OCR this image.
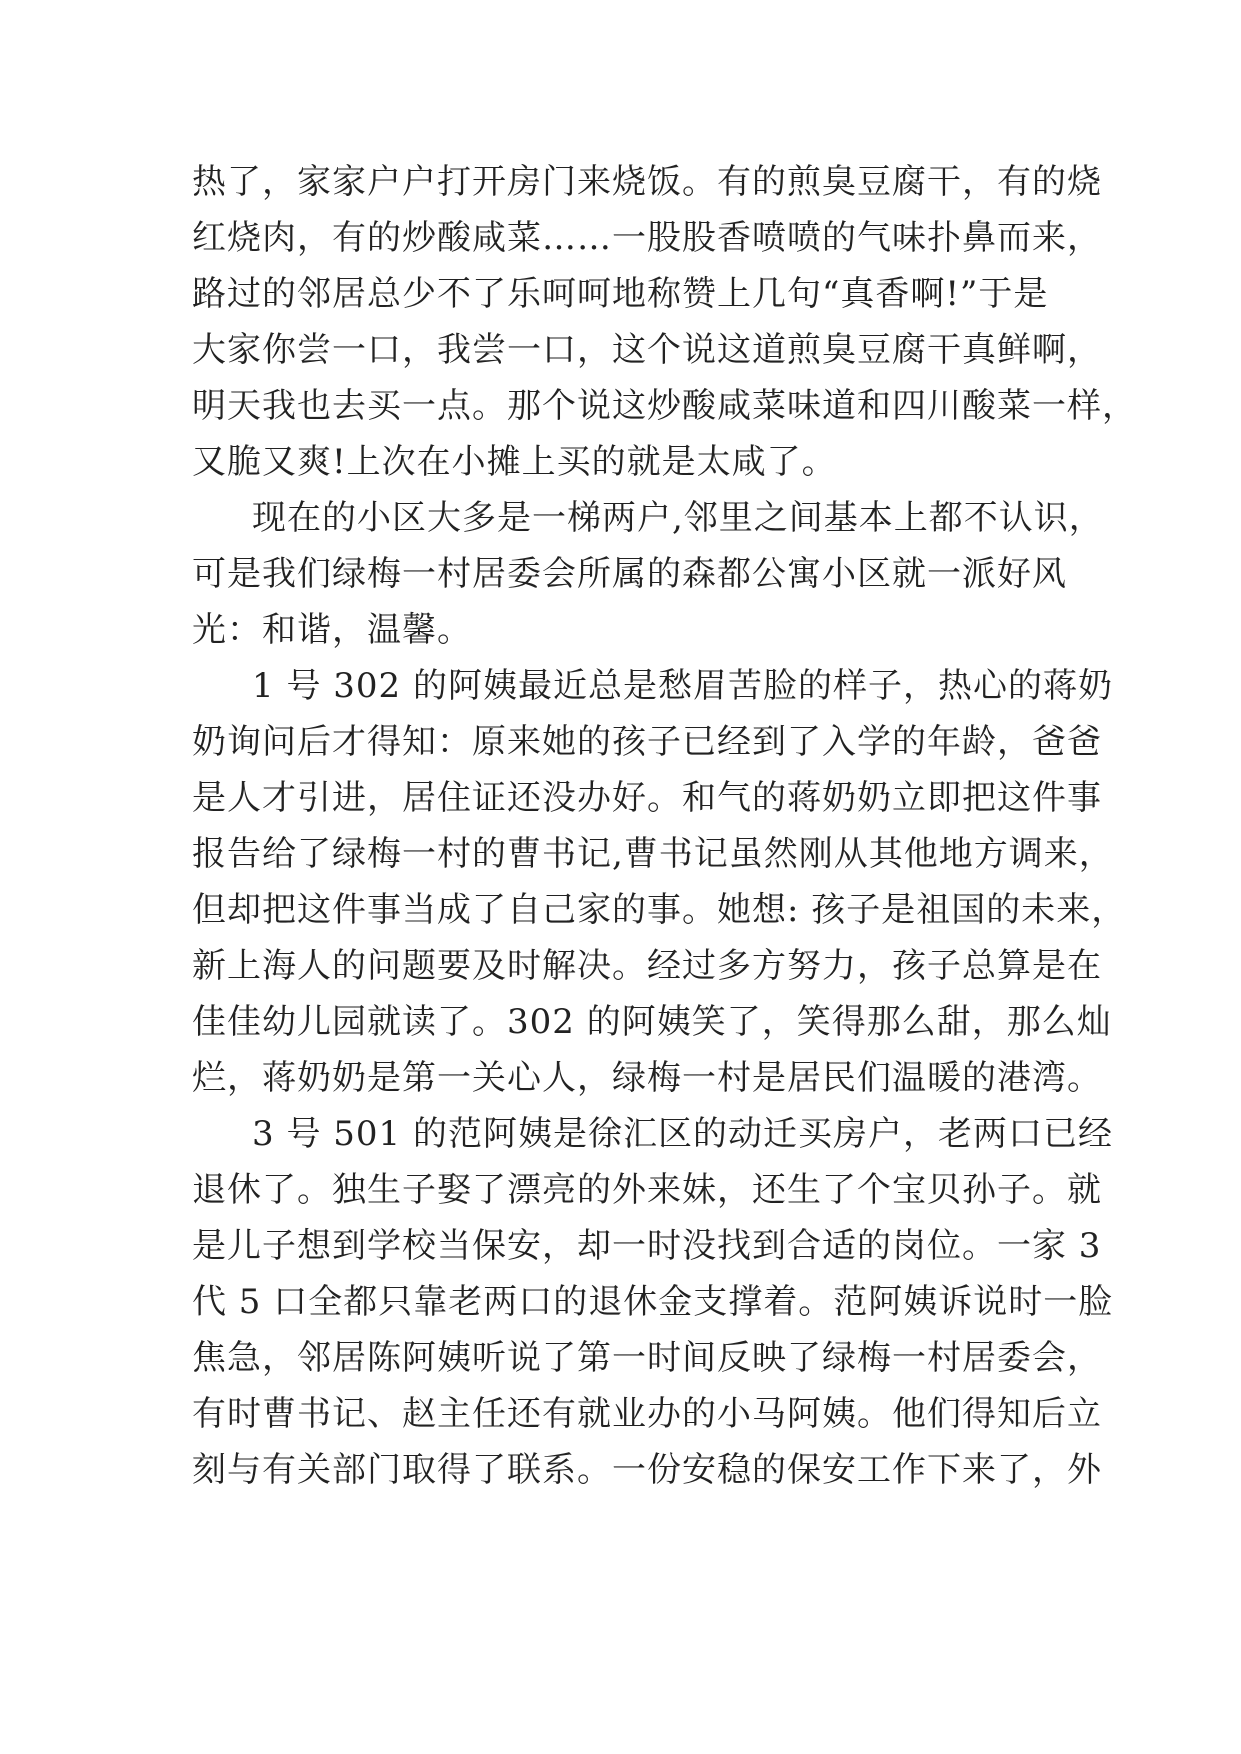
热了，家家户户打开房门来烧饭。有的煎臭豆腐干，有的烧
红烧肉，有的炒酸咸菜……一股股香喷喷的气味扑鼻而来，
路过的邻居总少不了乐呵呵地称赞上几句“真香啊!”于是
大家你尝一口，我尝一口，这个说这道煎臭豆腐干真鲜啊，
明天我也去买一点。那个说这炒酸咸菜味道和四川酸菜一样，
又脆又爽!上次在小摊上买的就是太咸了。
现在的小区大多是一梯两户,邻里之间基本上都不认识，
可是我们绿梅一村居委会所属的森都公寓小区就一派好风
光：和谐，温馨。
1 号 302 的阿姨最近总是愁眉苦脸的样子，热心的蒋奶
奶询问后才得知：原来她的孩子已经到了入学的年龄，爸爸
是人才引进，居住证还没办好。和气的蒋奶奶立即把这件事
报告给了绿梅一村的曹书记,曹书记虽然刚从其他地方调来，
但却把这件事当成了自己家的事。她想: 孩子是祖国的未来，
新上海人的问题要及时解决。经过多方努力，孩子总算是在
佳佳幼儿园就读了。302 的阿姨笑了，笑得那么甜，那么灿
烂，蒋奶奶是第一关心人，绿梅一村是居民们温暖的港湾。
3 号 501 的范阿姨是徐汇区的动迁买房户，老两口已经
退休了。独生子娶了漂亮的外来妹，还生了个宝贝孙子。就
是儿子想到学校当保安，却一时没找到合适的岗位。一家 3
代 5 口全都只靠老两口的退休金支撑着。范阿姨诉说时一脸
焦急，邻居陈阿姨听说了第一时间反映了绿梅一村居委会，
有时曹书记、赵主任还有就业办的小马阿姨。他们得知后立
刻与有关部门取得了联系。一份安稳的保安工作下来了，外
